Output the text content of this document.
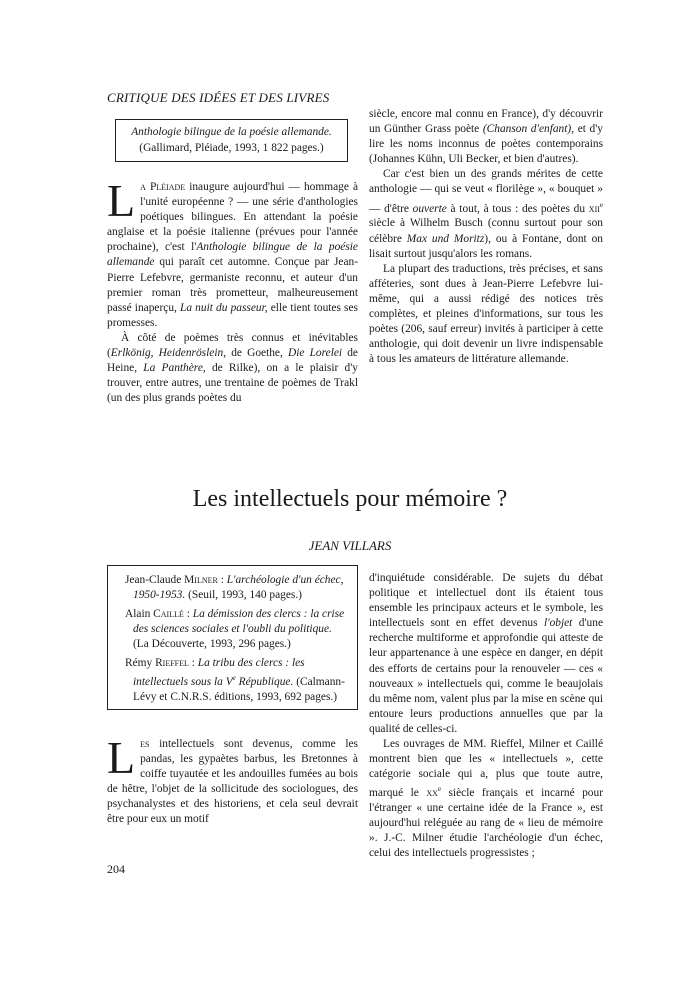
CRITIQUE DES IDÉES ET DES LIVRES

Anthologie bilingue de la poésie allemande.

(Gallimard, Pléiade, 1993, 1 822 pages.)

La Pléiade inaugure aujourd'hui — hommage à l'unité européenne ? — une série d'anthologies poétiques bilingues. En attendant la poésie anglaise et la poésie italienne (prévues pour l'année prochaine), c'est l'Anthologie bilingue de la poésie allemande qui paraît cet automne. Conçue par Jean-Pierre Lefebvre, germaniste reconnu, et auteur d'un premier roman très prometteur, malheureusement passé inaperçu, La nuit du passeur, elle tient toutes ses promesses.

À côté de poèmes très connus et inévitables (Erlkönig, Heidenröslein, de Goethe, Die Lorelei de Heine, La Panthère, de Rilke), on a le plaisir d'y trouver, entre autres, une trentaine de poèmes de Trakl (un des plus grands poètes du

siècle, encore mal connu en France), d'y découvrir un Günther Grass poète (Chanson d'enfant), et d'y lire les noms inconnus de poètes contemporains (Johannes Kühn, Uli Becker, et bien d'autres).

Car c'est bien un des grands mérites de cette anthologie — qui se veut « florilège », « bouquet » — d'être ouverte à tout, à tous : des poètes du xii$^e$ siècle à Wilhelm Busch (connu surtout pour son célèbre Max und Moritz), ou à Fontane, dont on lisait surtout jusqu'alors les romans.

La plupart des traductions, très précises, et sans afféteries, sont dues à Jean-Pierre Lefebvre lui-même, qui a aussi rédigé des notices très complètes, et pleines d'informations, sur tous les poètes (206, sauf erreur) invités à participer à cette anthologie, qui doit devenir un livre indispensable à tous les amateurs de littérature allemande.

Les intellectuels pour mémoire ?
JEAN VILLARS

Jean-Claude Milner : L'archéologie d'un échec, 1950-1953. (Seuil, 1993, 140 pages.)

Alain Caillé : La démission des clercs : la crise des sciences sociales et l'oubli du politique. (La Découverte, 1993, 296 pages.)

Rémy Rieffel : La tribu des clercs : les intellectuels sous la Ve République. (Calmann-Lévy et C.N.R.S. éditions, 1993, 692 pages.)

Les intellectuels sont devenus, comme les pandas, les gypaètes barbus, les Bretonnes à coiffe tuyautée et les andouilles fumées au bois de hêtre, l'objet de la sollicitude des sociologues, des psychanalystes et des historiens, et cela seul devrait être pour eux un motif

d'inquiétude considérable. De sujets du débat politique et intellectuel dont ils étaient tous ensemble les principaux acteurs et le symbole, les intellectuels sont en effet devenus l'objet d'une recherche multiforme et approfondie qui atteste de leur appartenance à une espèce en danger, en dépit des efforts de certains pour la renouveler — ces « nouveaux » intellectuels qui, comme le beaujolais du même nom, valent plus par la mise en scène qui entoure leurs productions annuelles que par la qualité de celles-ci.

Les ouvrages de MM. Rieffel, Milner et Caillé montrent bien que les « intellectuels », cette catégorie sociale qui a, plus que toute autre, marqué le $xx^e$ siècle français et incarné pour l'étranger « une certaine idée de la France », est aujourd'hui reléguée au rang de « lieu de mémoire ». J.-C. Milner étudie l'archéologie d'un échec, celui des intellectuels progressistes ;

204
